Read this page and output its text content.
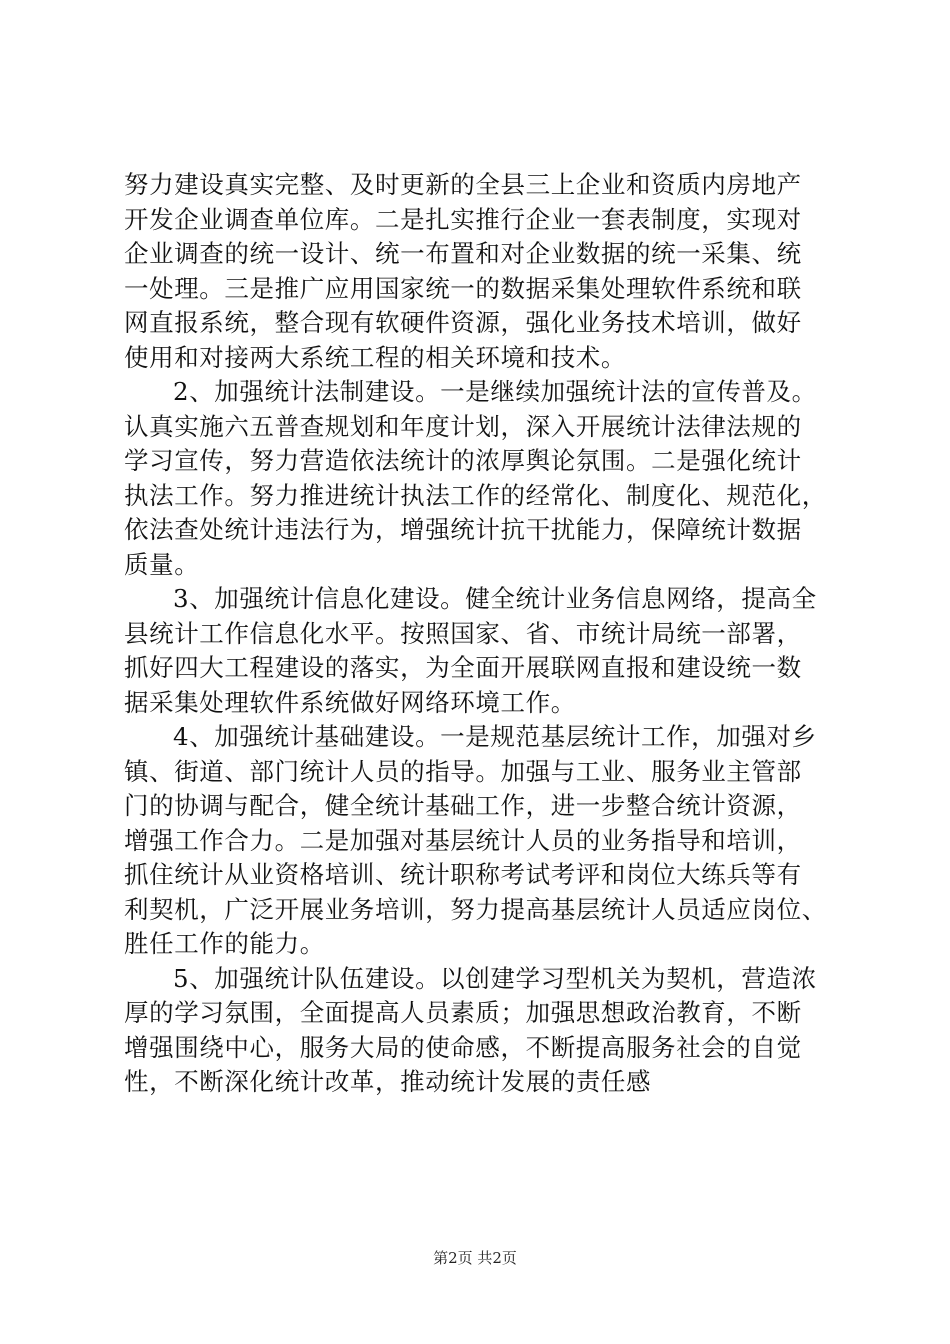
努力建设真实完整、及时更新的全县三上企业和资质内房地产
开发企业调查单位库。二是扎实推行企业一套表制度，实现对
企业调查的统一设计、统一布置和对企业数据的统一采集、统
一处理。三是推广应用国家统一的数据采集处理软件系统和联
网直报系统，整合现有软硬件资源，强化业务技术培训，做好
使用和对接两大系统工程的相关环境和技术。
2、加强统计法制建设。一是继续加强统计法的宣传普及。
认真实施六五普查规划和年度计划，深入开展统计法律法规的
学习宣传，努力营造依法统计的浓厚舆论氛围。二是强化统计
执法工作。努力推进统计执法工作的经常化、制度化、规范化，
依法查处统计违法行为，增强统计抗干扰能力，保障统计数据
质量。
3、加强统计信息化建设。健全统计业务信息网络，提高全
县统计工作信息化水平。按照国家、省、市统计局统一部署，
抓好四大工程建设的落实，为全面开展联网直报和建设统一数
据采集处理软件系统做好网络环境工作。
4、加强统计基础建设。一是规范基层统计工作，加强对乡
镇、街道、部门统计人员的指导。加强与工业、服务业主管部
门的协调与配合，健全统计基础工作，进一步整合统计资源，
增强工作合力。二是加强对基层统计人员的业务指导和培训，
抓住统计从业资格培训、统计职称考试考评和岗位大练兵等有
利契机，广泛开展业务培训，努力提高基层统计人员适应岗位、
胜任工作的能力。
5、加强统计队伍建设。以创建学习型机关为契机，营造浓
厚的学习氛围，全面提高人员素质；加强思想政治教育，不断
增强围绕中心，服务大局的使命感，不断提高服务社会的自觉
性，不断深化统计改革，推动统计发展的责任感
第2页 共2页
